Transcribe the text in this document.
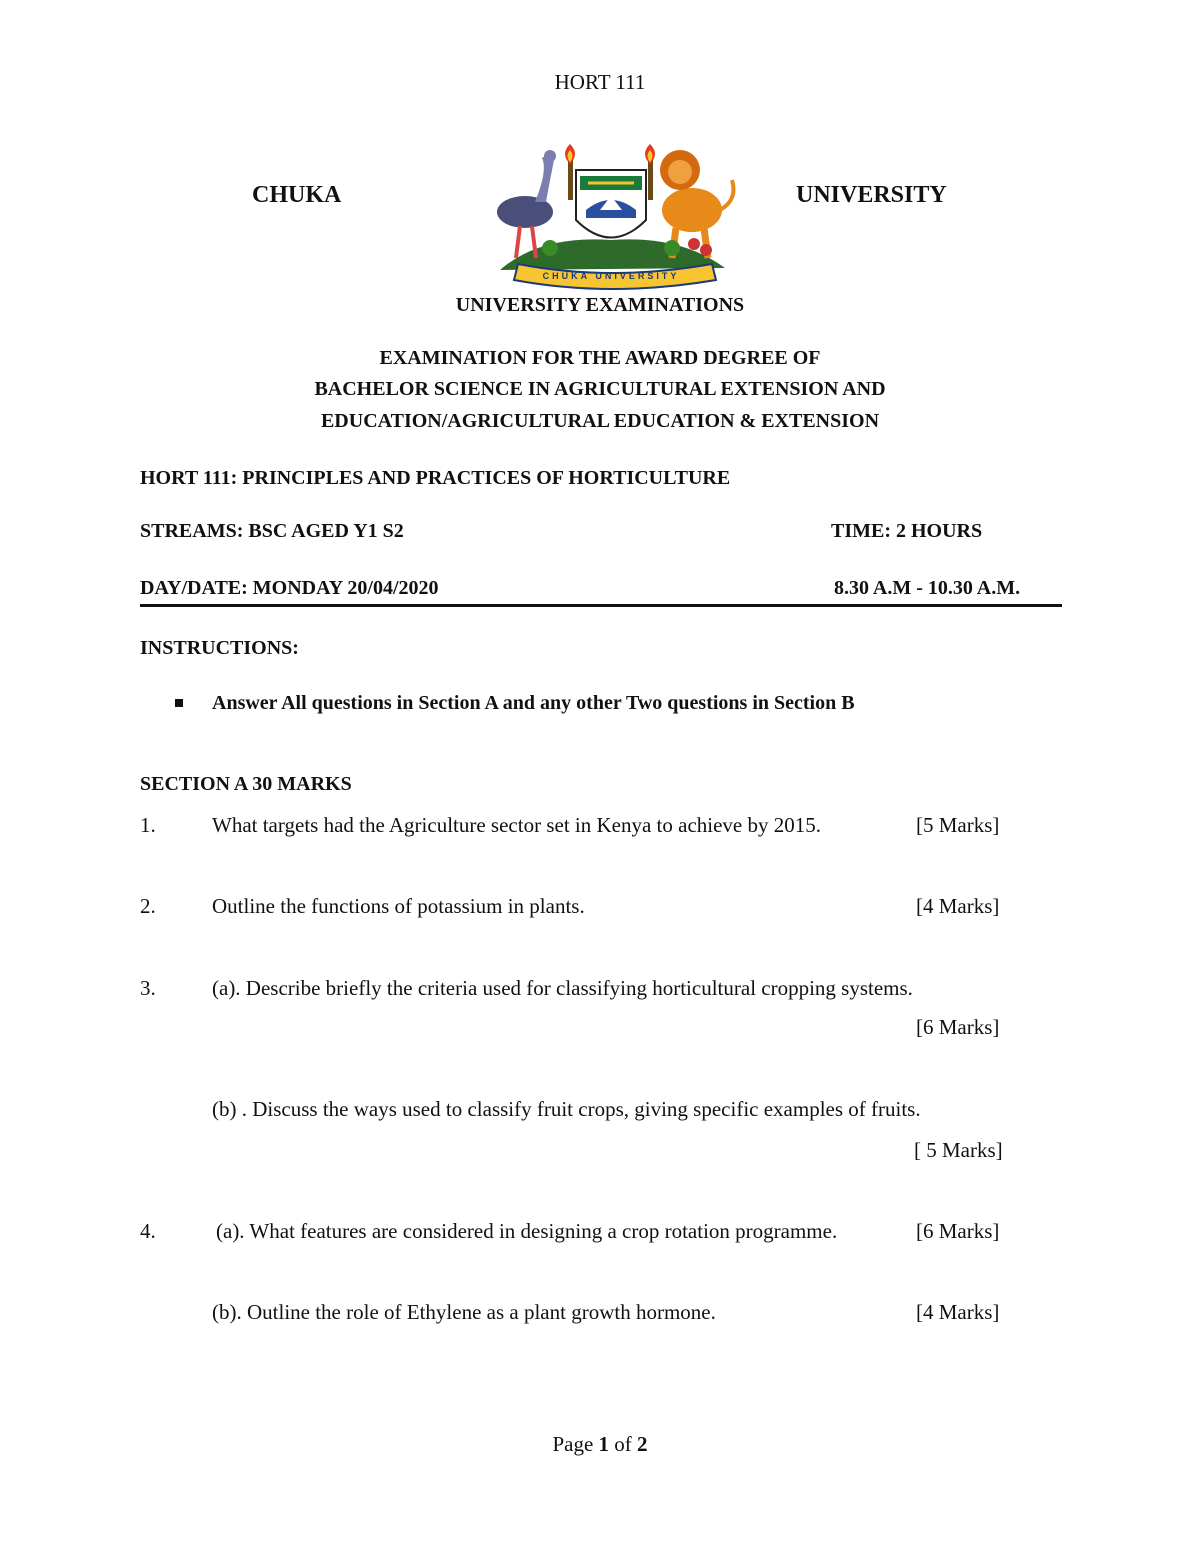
HORT 111
CHUKA	UNIVERSITY
CHUKA UNIVERSITY
UNIVERSITY EXAMINATIONS
EXAMINATION FOR THE AWARD DEGREE OF
BACHELOR SCIENCE IN AGRICULTURAL EXTENSION AND
EDUCATION/AGRICULTURAL EDUCATION & EXTENSION
HORT 111: PRINCIPLES AND PRACTICES OF HORTICULTURE
STREAMS: BSC AGED Y1 S2	TIME: 2 HOURS
DAY/DATE: MONDAY 20/04/2020	8.30 A.M - 10.30 A.M.
INSTRUCTIONS:
Answer All questions in Section A and any other Two questions in Section B
SECTION A 30 MARKS
1.	What targets had the Agriculture sector set in Kenya to achieve by 2015.	[5 Marks]
2.	Outline the functions of potassium in plants.	[4 Marks]
3.	(a). Describe briefly the criteria used for classifying horticultural cropping systems.
[6 Marks]
(b) . Discuss the ways used to classify fruit crops, giving specific examples of fruits.
[ 5 Marks]
4.	(a). What features are considered in designing a crop rotation programme.	[6 Marks]
(b). Outline the role of Ethylene as a plant growth hormone.	[4 Marks]
Page 1 of 2
